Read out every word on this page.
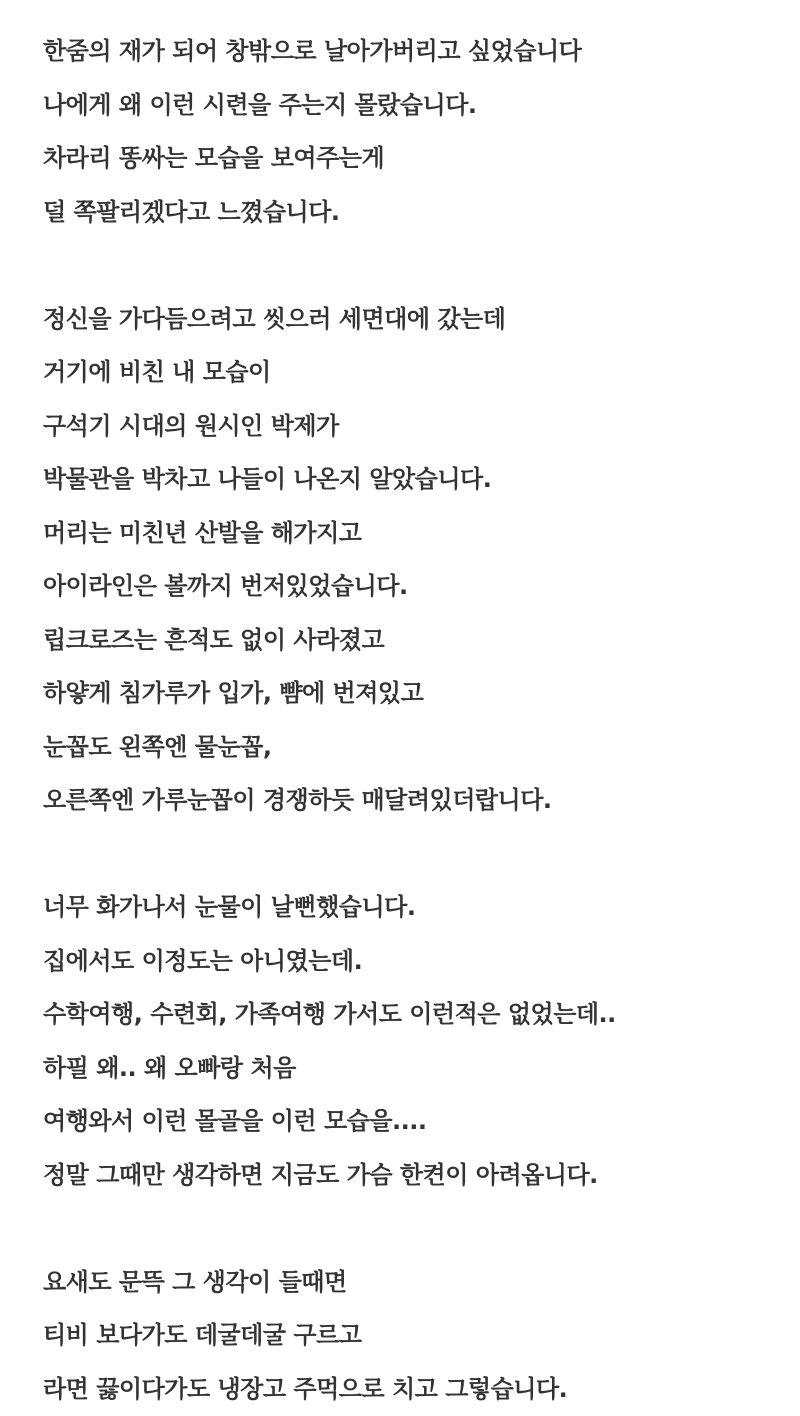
한줌의 재가 되어 창밖으로 날아가버리고 싶었습니다
나에게 왜 이런 시련을 주는지 몰랐습니다.
차라리 똥싸는 모습을 보여주는게
덜 쪽팔리겠다고 느꼈습니다.
정신을 가다듬으려고 씻으러 세면대에 갔는데
거기에 비친 내 모습이
구석기 시대의 원시인 박제가
박물관을 박차고 나들이 나온지 알았습니다.
머리는 미친년 산발을 해가지고
아이라인은 볼까지 번저있었습니다.
립크로즈는 흔적도 없이 사라졌고
하얗게 침가루가 입가, 뺨에 번져있고
눈꼽도 왼쪽엔 물눈꼽,
오른쪽엔 가루눈꼽이 경쟁하듯 매달려있더랍니다.
너무 화가나서 눈물이 날뻔했습니다.
집에서도 이정도는 아니였는데.
수학여행, 수련회, 가족여행 가서도 이런적은 없었는데..
하필 왜.. 왜 오빠랑 처음
여행와서 이런 몰골을 이런 모습을....
정말 그때만 생각하면 지금도 가슴 한켠이 아려옵니다.
요새도 문뜩 그 생각이 들때면
티비 보다가도 데굴데굴 구르고
라면 끓이다가도 냉장고 주먹으로 치고 그렇습니다.
